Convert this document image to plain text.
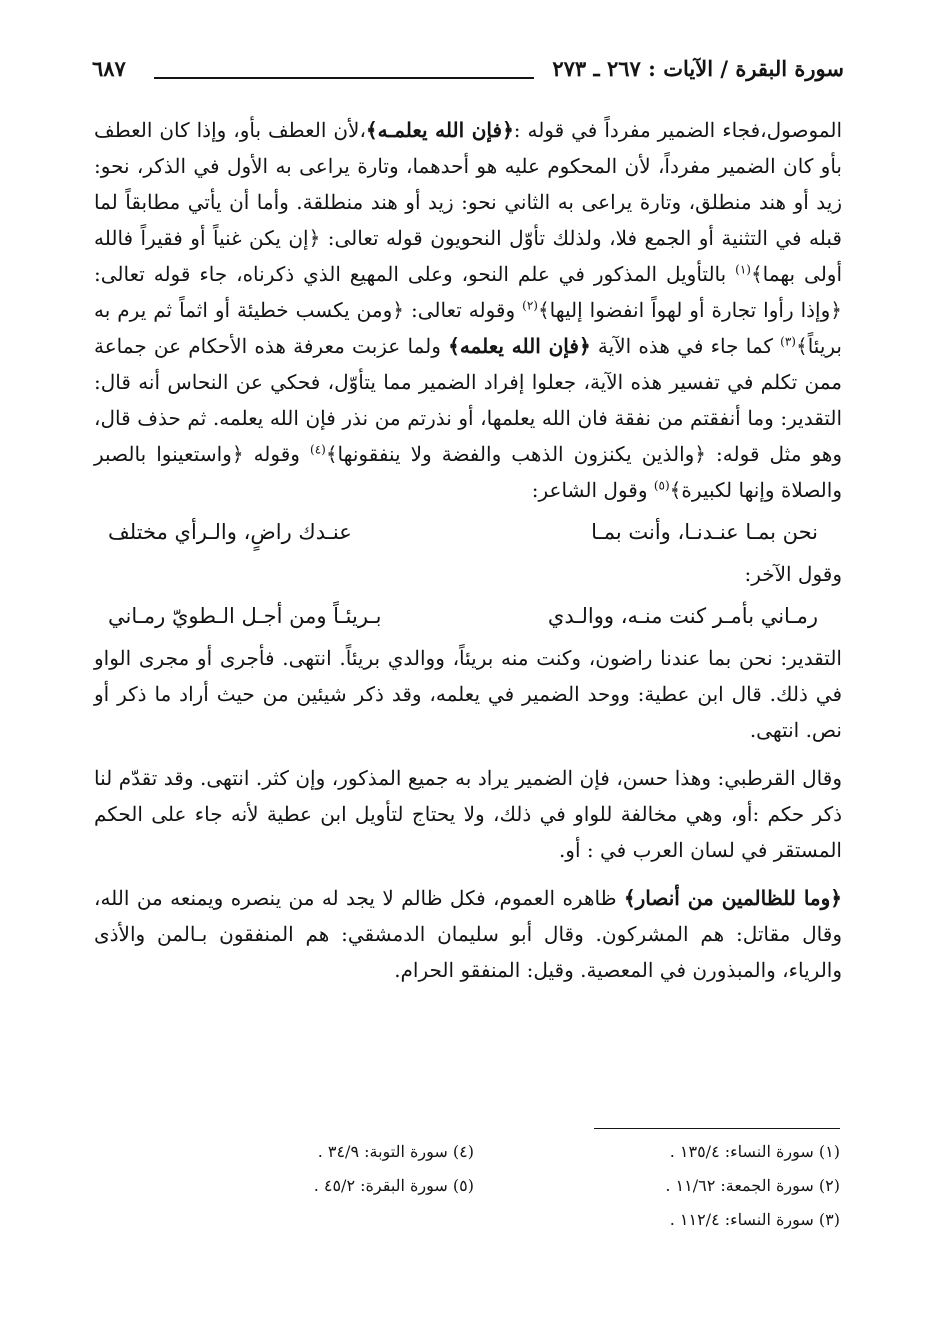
سورة البقرة / الآيات : ٢٦٧ ـ ٢٧٣
٦٨٧

الموصول،فجاء الضمير مفرداً في قوله :﴿فإن الله يعلمـه﴾،لأن العطف بأو، وإذا كان العطف بأو كان الضمير مفرداً، لأن المحكوم عليه هو أحدهما، وتارة يراعى به الأول في الذكر، نحو: زيد أو هند منطلق، وتارة يراعى به الثاني نحو: زيد أو هند منطلقة. وأما أن يأتي مطابقاً لما قبله في التثنية أو الجمع فلا، ولذلك تأوّل النحويون قوله تعالى: ﴿إن يكن غنياً أو فقيراً فالله أولى بهما﴾$^{(١)}$ بالتأويل المذكور في علم النحو، وعلى المهيع الذي ذكرناه، جاء قوله تعالى: ﴿وإذا رأوا تجارة أو لهواً انفضوا إليها﴾$^{(٢)}$ وقوله تعالى: ﴿ومن يكسب خطيئة أو اثماً ثم يرم به بريئاً﴾$^{(٣)}$ كما جاء في هذه الآية ﴿فإن الله يعلمه﴾ ولما عزبت معرفة هذه الأحكام عن جماعة ممن تكلم في تفسير هذه الآية، جعلوا إفراد الضمير مما يتأوّل، فحكي عن النحاس أنه قال: التقدير: وما أنفقتم من نفقة فان الله يعلمها، أو نذرتم من نذر فإن الله يعلمه. ثم حذف قال، وهو مثل قوله: ﴿والذين يكنزون الذهب والفضة ولا ينفقونها﴾$^{(٤)}$ وقوله ﴿واستعينوا بالصبر والصلاة وإنها لكبيرة﴾$^{(٥)}$ وقول الشاعر:

نحن بمـا عنـدنـا، وأنت بمـا
عنـدك راضٍ، والـرأي مختلف

وقول الآخر:

رمـاني بأمـر كنت منـه، ووالـدي
بـريئـاً ومن أجـل الـطويّ رمـاني

التقدير: نحن بما عندنا راضون، وكنت منه بريئاً، ووالدي بريئاً. انتهى. فأجرى أو مجرى الواو في ذلك. قال ابن عطية: ووحد الضمير في يعلمه، وقد ذكر شيئين من حيث أراد ما ذكر أو نص. انتهى.

وقال القرطبي: وهذا حسن، فإن الضمير يراد به جميع المذكور، وإن كثر. انتهى. وقد تقدّم لنا ذكر حكم :أو، وهي مخالفة للواو في ذلك، ولا يحتاج لتأويل ابن عطية لأنه جاء على الحكم المستقر في لسان العرب في : أو.

﴿وما للظالمين من أنصار﴾ ظاهره العموم، فكل ظالم لا يجد له من ينصره ويمنعه من الله، وقال مقاتل: هم المشركون. وقال أبو سليمان الدمشقي: هم المنفقون بـالمن والأذى والرياء، والمبذورن في المعصية. وقيل: المنفقو الحرام.

(١) سورة النساء: ١٣٥/٤ .
(٢) سورة الجمعة: ١١/٦٢ .
(٣) سورة النساء: ١١٢/٤ .
(٤) سورة التوبة: ٣٤/٩ .
(٥) سورة البقرة: ٤٥/٢ .
